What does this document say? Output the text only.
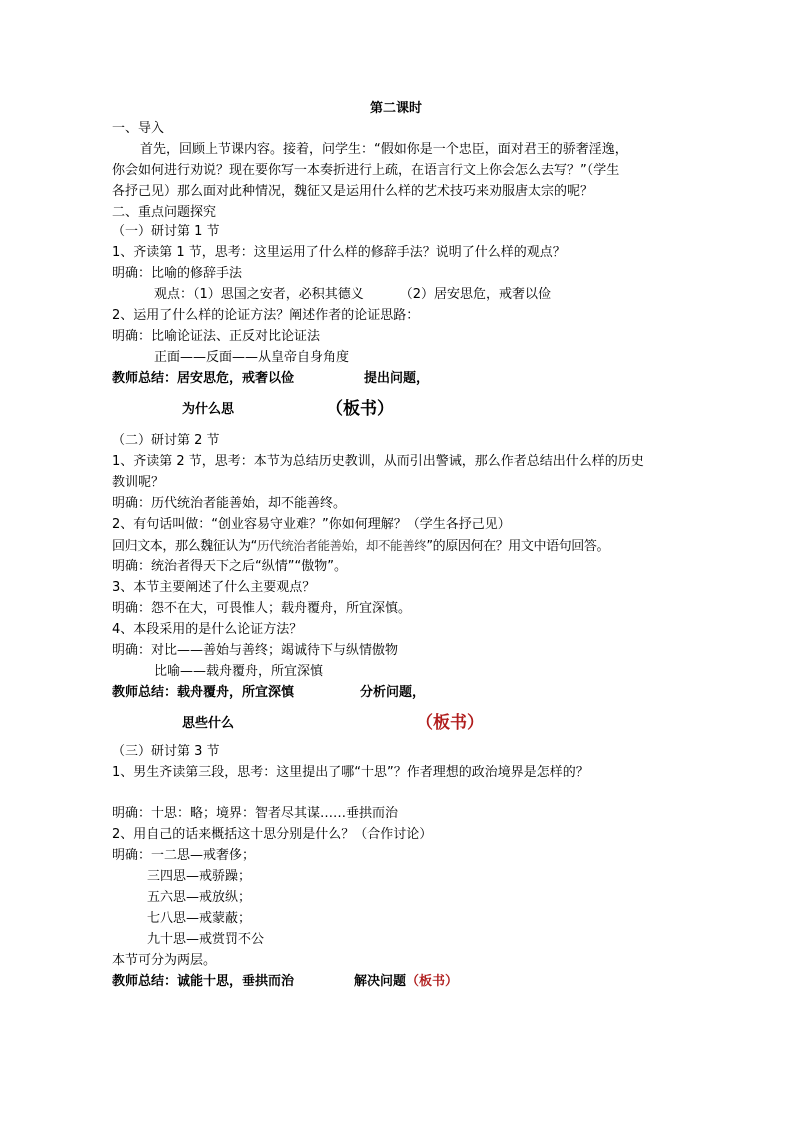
第二课时
一、导入
首先，回顾上节课内容。接着，问学生：“假如你是一个忠臣，面对君王的骄奢淫逸，
你会如何进行劝说？现在要你写一本奏折进行上疏，在语言行文上你会怎么去写？”（学生
各抒己见）那么面对此种情况，魏征又是运用什么样的艺术技巧来劝服唐太宗的呢？
二、重点问题探究
（一）研讨第 1 节
1、齐读第 1 节，思考：这里运用了什么样的修辞手法？说明了什么样的观点？
明确：比喻的修辞手法
观点：（1）思国之安者，必积其德义	（2）居安思危，戒奢以俭
2、运用了什么样的论证方法？阐述作者的论证思路：
明确：比喻论证法、正反对比论证法
正面——反面——从皇帝自身角度
教师总结：居安思危，戒奢以俭	提出问题，
为什么思	（板书）
（二）研讨第 2 节
1、齐读第 2 节，思考：本节为总结历史教训，从而引出警诫，那么作者总结出什么样的历史
教训呢？
明确：历代统治者能善始，却不能善终。
2、有句话叫做：“创业容易守业难？”你如何理解？（学生各抒己见）
回归文本，那么魏征认为“历代统治者能善始，却不能善终”的原因何在？用文中语句回答。
明确：统治者得天下之后“纵情”“傲物”。
3、本节主要阐述了什么主要观点？
明确：怨不在大，可畏惟人；载舟覆舟，所宜深慎。
4、本段采用的是什么论证方法？
明确：对比——善始与善终；竭诚待下与纵情傲物
比喻——载舟覆舟，所宜深慎
教师总结：载舟覆舟，所宜深慎	分析问题，
思些什么	（板书）
（三）研讨第 3 节
1、男生齐读第三段，思考：这里提出了哪“十思”？作者理想的政治境界是怎样的？
明确：十思：略；境界：智者尽其谋……垂拱而治
2、用自己的话来概括这十思分别是什么？（合作讨论）
明确：一二思—戒奢侈；
三四思—戒骄躁；
五六思—戒放纵；
七八思—戒蒙蔽；
九十思—戒赏罚不公
本节可分为两层。
教师总结：诚能十思，垂拱而治	解决问题（板书）
